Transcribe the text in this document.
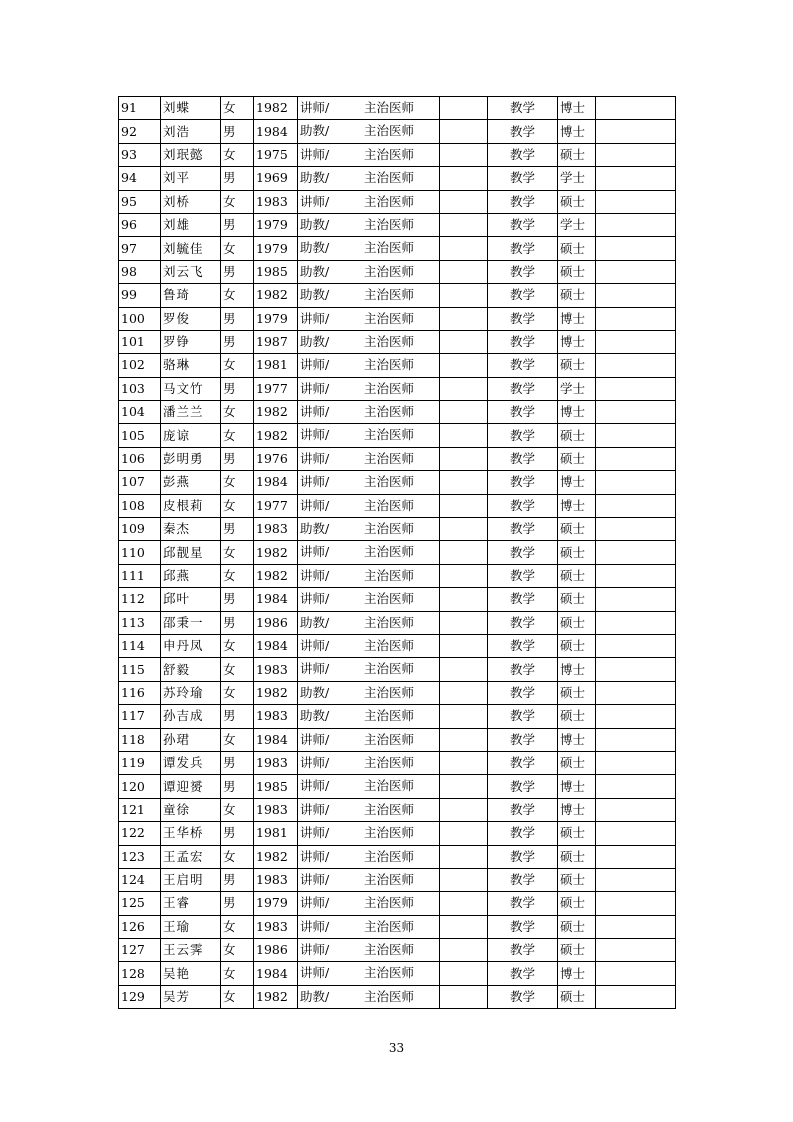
91	刘蝶	女	1982	讲师/ 主治医师		教学	博士	
92	刘浩	男	1984	助教/ 主治医师		教学	博士	
93	刘珉懿	女	1975	讲师/ 主治医师		教学	硕士	
94	刘平	男	1969	助教/ 主治医师		教学	学士	
95	刘桥	女	1983	讲师/ 主治医师		教学	硕士	
96	刘雄	男	1979	助教/ 主治医师		教学	学士	
97	刘毓佳	女	1979	助教/ 主治医师		教学	硕士	
98	刘云飞	男	1985	助教/ 主治医师		教学	硕士	
99	鲁琦	女	1982	助教/ 主治医师		教学	硕士	
100	罗俊	男	1979	讲师/ 主治医师		教学	博士	
101	罗铮	男	1987	助教/ 主治医师		教学	博士	
102	骆琳	女	1981	讲师/ 主治医师		教学	硕士	
103	马文竹	男	1977	讲师/ 主治医师		教学	学士	
104	潘兰兰	女	1982	讲师/ 主治医师		教学	博士	
105	庞谅	女	1982	讲师/ 主治医师		教学	硕士	
106	彭明勇	男	1976	讲师/ 主治医师		教学	硕士	
107	彭燕	女	1984	讲师/ 主治医师		教学	博士	
108	皮根莉	女	1977	讲师/ 主治医师		教学	博士	
109	秦杰	男	1983	助教/ 主治医师		教学	硕士	
110	邱靓星	女	1982	讲师/ 主治医师		教学	硕士	
111	邱燕	女	1982	讲师/ 主治医师		教学	硕士	
112	邱叶	男	1984	讲师/ 主治医师		教学	硕士	
113	邵秉一	男	1986	助教/ 主治医师		教学	硕士	
114	申丹凤	女	1984	讲师/ 主治医师		教学	硕士	
115	舒毅	女	1983	讲师/ 主治医师		教学	博士	
116	苏玲瑜	女	1982	助教/ 主治医师		教学	硕士	
117	孙吉成	男	1983	助教/ 主治医师		教学	硕士	
118	孙珺	女	1984	讲师/ 主治医师		教学	博士	
119	谭发兵	男	1983	讲师/ 主治医师		教学	硕士	
120	谭迎赟	男	1985	讲师/ 主治医师		教学	博士	
121	童徐	女	1983	讲师/ 主治医师		教学	博士	
122	王华桥	男	1981	讲师/ 主治医师		教学	硕士	
123	王孟宏	女	1982	讲师/ 主治医师		教学	硕士	
124	王启明	男	1983	讲师/ 主治医师		教学	硕士	
125	王睿	男	1979	讲师/ 主治医师		教学	硕士	
126	王瑜	女	1983	讲师/ 主治医师		教学	硕士	
127	王云霁	女	1986	讲师/ 主治医师		教学	硕士	
128	吴艳	女	1984	讲师/ 主治医师		教学	博士	
129	吴芳	女	1982	助教/ 主治医师		教学	硕士	
33
